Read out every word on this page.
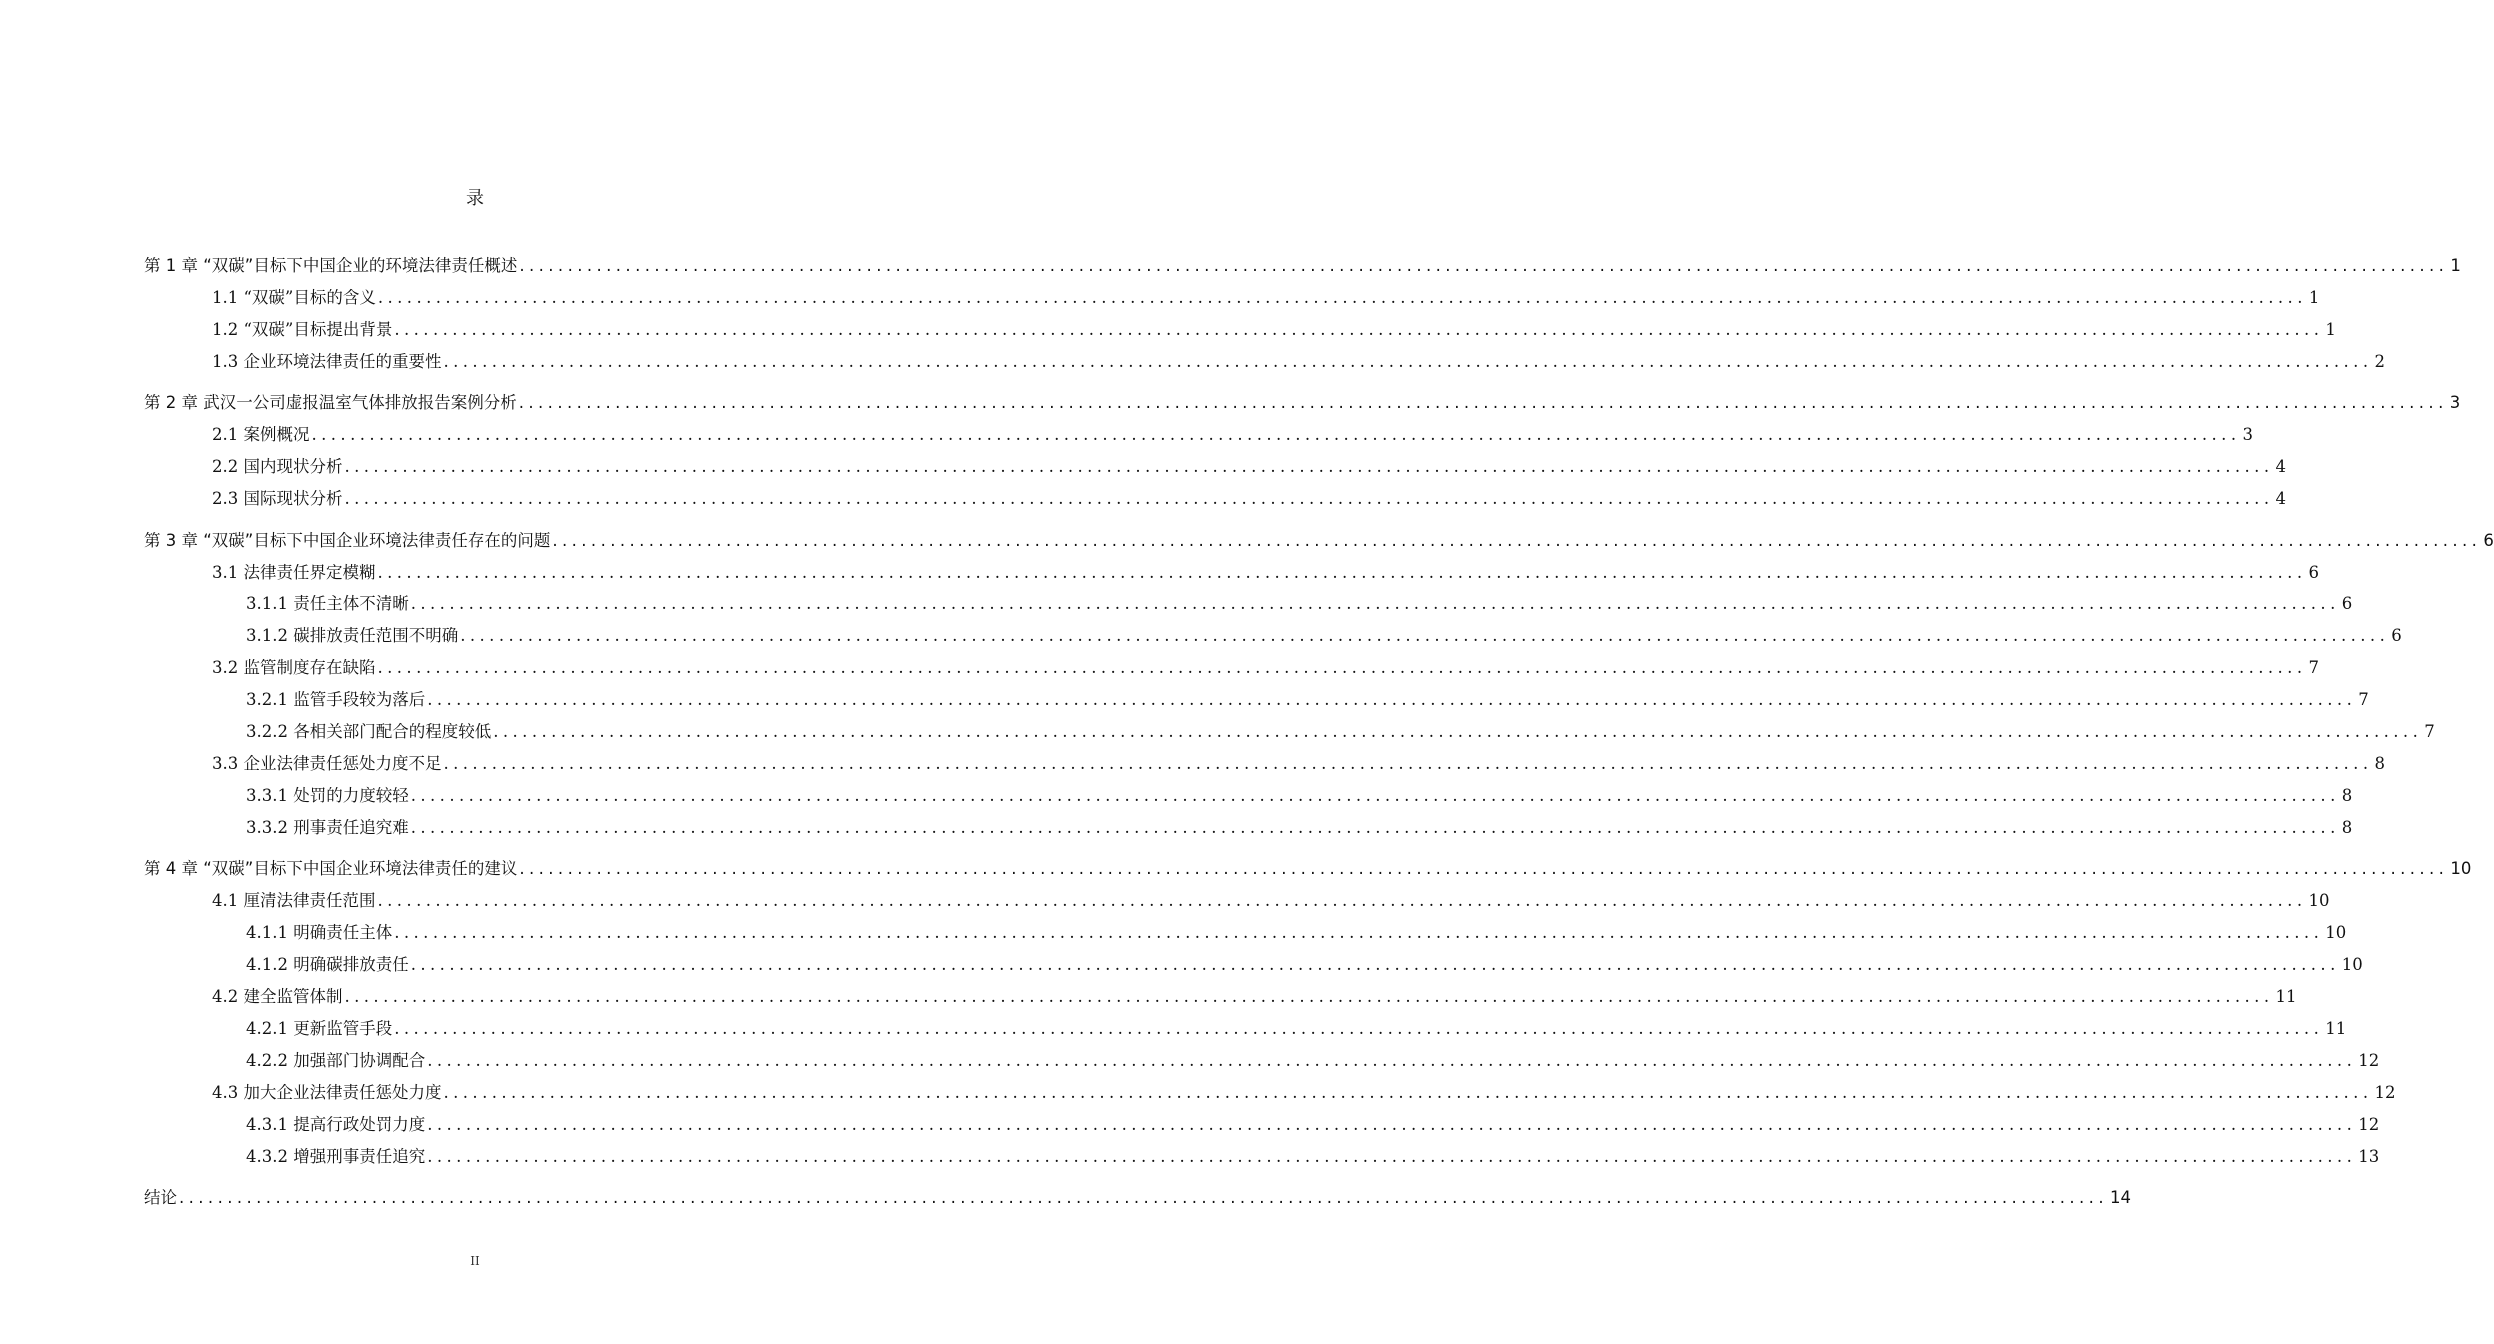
录
第 1 章 “双碳”目标下中国企业的环境法律责任概述 ........................................................................................................................................................................................................ 1
1.1 “双碳”目标的含义 ........................................................................................................................................................................................................ 1
1.2 “双碳”目标提出背景 ........................................................................................................................................................................................................ 1
1.3 企业环境法律责任的重要性 ........................................................................................................................................................................................................ 2
第 2 章 武汉一公司虚报温室气体排放报告案例分析 ........................................................................................................................................................................................................ 3
2.1 案例概况 ........................................................................................................................................................................................................ 3
2.2 国内现状分析 ........................................................................................................................................................................................................ 4
2.3 国际现状分析 ........................................................................................................................................................................................................ 4
第 3 章 “双碳”目标下中国企业环境法律责任存在的问题 ........................................................................................................................................................................................................ 6
3.1 法律责任界定模糊 ........................................................................................................................................................................................................ 6
3.1.1 责任主体不清晰 ........................................................................................................................................................................................................ 6
3.1.2 碳排放责任范围不明确 ........................................................................................................................................................................................................ 6
3.2 监管制度存在缺陷 ........................................................................................................................................................................................................ 7
3.2.1 监管手段较为落后 ........................................................................................................................................................................................................ 7
3.2.2 各相关部门配合的程度较低 ........................................................................................................................................................................................................ 7
3.3 企业法律责任惩处力度不足 ........................................................................................................................................................................................................ 8
3.3.1 处罚的力度较轻 ........................................................................................................................................................................................................ 8
3.3.2 刑事责任追究难 ........................................................................................................................................................................................................ 8
第 4 章 “双碳”目标下中国企业环境法律责任的建议 ........................................................................................................................................................................................................ 10
4.1 厘清法律责任范围 ........................................................................................................................................................................................................ 10
4.1.1 明确责任主体 ........................................................................................................................................................................................................ 10
4.1.2 明确碳排放责任 ........................................................................................................................................................................................................ 10
4.2 建全监管体制 ........................................................................................................................................................................................................ 11
4.2.1 更新监管手段 ........................................................................................................................................................................................................ 11
4.2.2 加强部门协调配合 ........................................................................................................................................................................................................ 12
4.3 加大企业法律责任惩处力度 ........................................................................................................................................................................................................ 12
4.3.1 提高行政处罚力度 ........................................................................................................................................................................................................ 12
4.3.2 增强刑事责任追究 ........................................................................................................................................................................................................ 13
结论 ........................................................................................................................................................................................................ 14
II
